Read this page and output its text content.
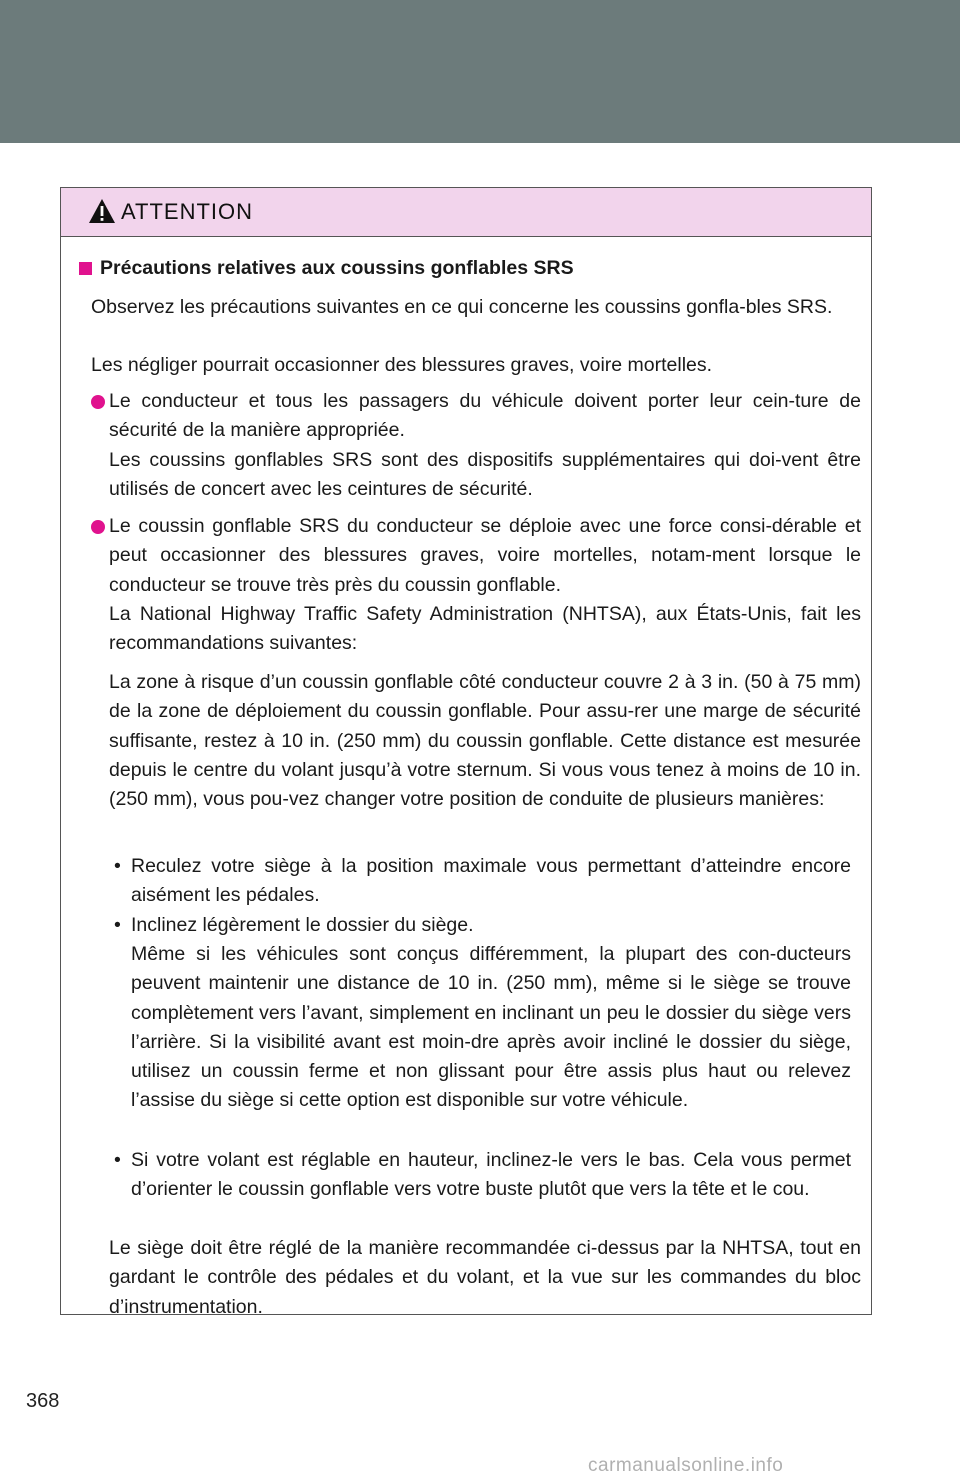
ATTENTION
Précautions relatives aux coussins gonflables SRS

Observez les précautions suivantes en ce qui concerne les coussins gonfla-bles SRS.

Les négliger pourrait occasionner des blessures graves, voire mortelles.

Le conducteur et tous les passagers du véhicule doivent porter leur cein-ture de sécurité de la manière appropriée.

Les coussins gonflables SRS sont des dispositifs supplémentaires qui doi-vent être utilisés de concert avec les ceintures de sécurité.

Le coussin gonflable SRS du conducteur se déploie avec une force consi-dérable et peut occasionner des blessures graves, voire mortelles, notam-ment lorsque le conducteur se trouve très près du coussin gonflable.

La National Highway Traffic Safety Administration (NHTSA), aux États-Unis, fait les recommandations suivantes:

La zone à risque d’un coussin gonflable côté conducteur couvre 2 à 3 in. (50 à 75 mm) de la zone de déploiement du coussin gonflable. Pour assu-rer une marge de sécurité suffisante, restez à 10 in. (250 mm) du coussin gonflable. Cette distance est mesurée depuis le centre du volant jusqu’à votre sternum. Si vous vous tenez à moins de 10 in. (250 mm), vous pou-vez changer votre position de conduite de plusieurs manières:

• Reculez votre siège à la position maximale vous permettant d’atteindre encore aisément les pédales.

• Inclinez légèrement le dossier du siège.

Même si les véhicules sont conçus différemment, la plupart des con-ducteurs peuvent maintenir une distance de 10 in. (250 mm), même si le siège se trouve complètement vers l’avant, simplement en inclinant un peu le dossier du siège vers l’arrière. Si la visibilité avant est moin-dre après avoir incliné le dossier du siège, utilisez un coussin ferme et non glissant pour être assis plus haut ou relevez l’assise du siège si cette option est disponible sur votre véhicule.

• Si votre volant est réglable en hauteur, inclinez-le vers le bas. Cela vous permet d’orienter le coussin gonflable vers votre buste plutôt que vers la tête et le cou.

Le siège doit être réglé de la manière recommandée ci-dessus par la NHTSA, tout en gardant le contrôle des pédales et du volant, et la vue sur les commandes du bloc d’instrumentation.

368
carmanualsonline.info
